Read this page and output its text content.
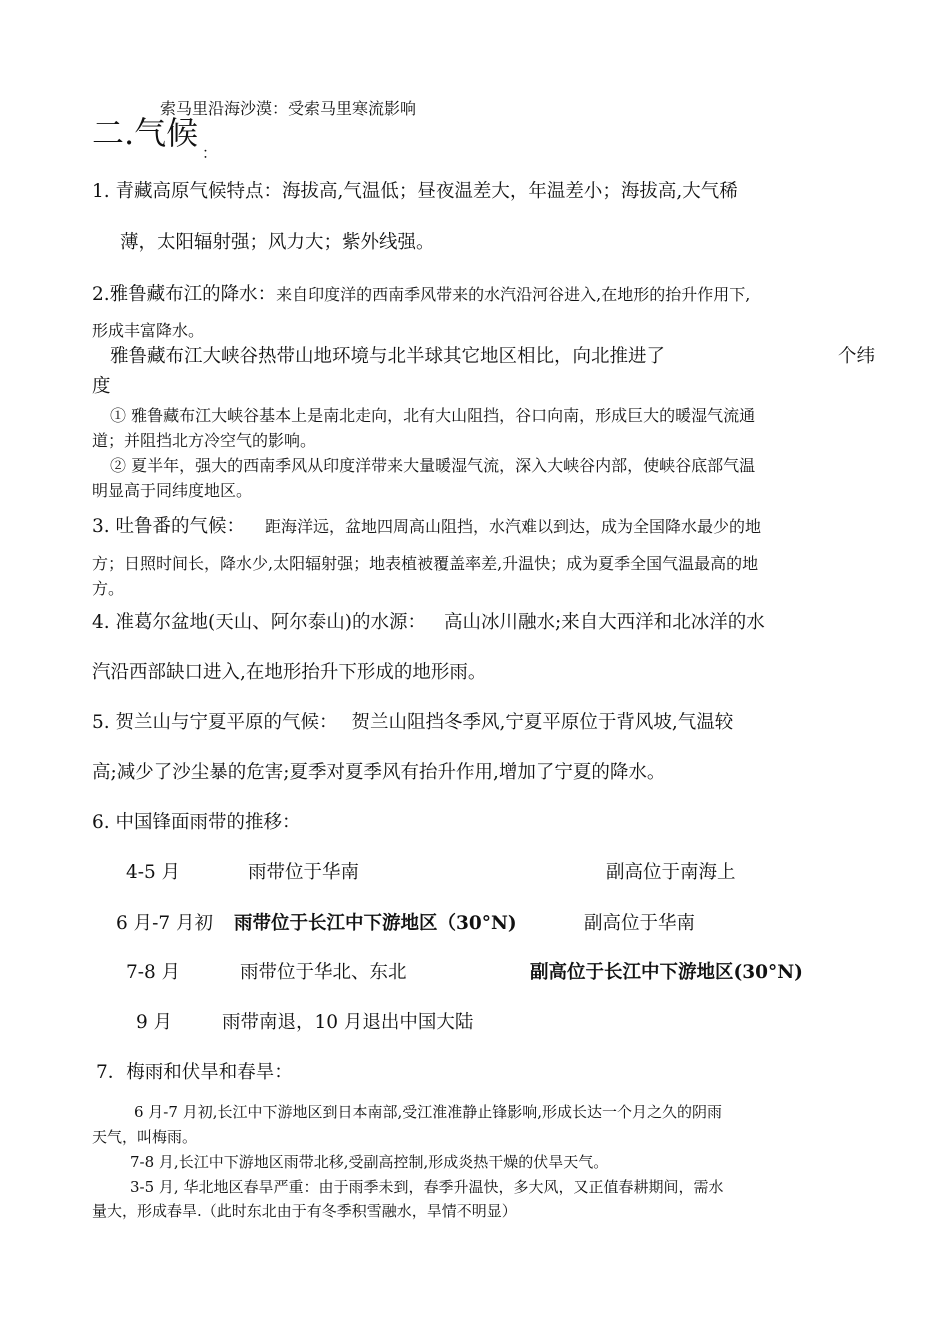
索马里沿海沙漠：受索马里寒流影响
二.气候
：
1. 青藏高原气候特点：海拔高,气温低；昼夜温差大，年温差小；海拔高,大气稀
薄，太阳辐射强；风力大；紫外线强。
2.雅鲁藏布江的降水：来自印度洋的西南季风带来的水汽沿河谷进入,在地形的抬升作用下,
形成丰富降水。
雅鲁藏布江大峡谷热带山地环境与北半球其它地区相比，向北推进了	个纬
度
① 雅鲁藏布江大峡谷基本上是南北走向，北有大山阻挡，谷口向南，形成巨大的暖湿气流通
道；并阻挡北方冷空气的影响。
② 夏半年，强大的西南季风从印度洋带来大量暖湿气流，深入大峡谷内部，使峡谷底部气温
明显高于同纬度地区。
3. 吐鲁番的气候： 距海洋远，盆地四周高山阻挡，水汽难以到达，成为全国降水最少的地
方；日照时间长，降水少,太阳辐射强；地表植被覆盖率差,升温快；成为夏季全国气温最高的地
方。
4. 准葛尔盆地(天山、阿尔泰山)的水源： 高山冰川融水;来自大西洋和北冰洋的水
汽沿西部缺口进入,在地形抬升下形成的地形雨。
5. 贺兰山与宁夏平原的气候： 贺兰山阻挡冬季风,宁夏平原位于背风坡,气温较
高;减少了沙尘暴的危害;夏季对夏季风有抬升作用,增加了宁夏的降水。
6. 中国锋面雨带的推移：
4-5 月	雨带位于华南	副高位于南海上
6 月-7 月初 雨带位于长江中下游地区（30°N)	副高位于华南
7-8 月	雨带位于华北、东北	副高位于长江中下游地区(30°N)
9 月	雨带南退，10 月退出中国大陆
7．梅雨和伏旱和春旱：
6 月-7 月初,长江中下游地区到日本南部,受江淮准静止锋影响,形成长达一个月之久的阴雨
天气，叫梅雨。
7-8 月,长江中下游地区雨带北移,受副高控制,形成炎热干燥的伏旱天气。
3-5 月, 华北地区春旱严重：由于雨季未到，春季升温快，多大风，又正值春耕期间，需水
量大，形成春旱.（此时东北由于有冬季积雪融水，旱情不明显）
